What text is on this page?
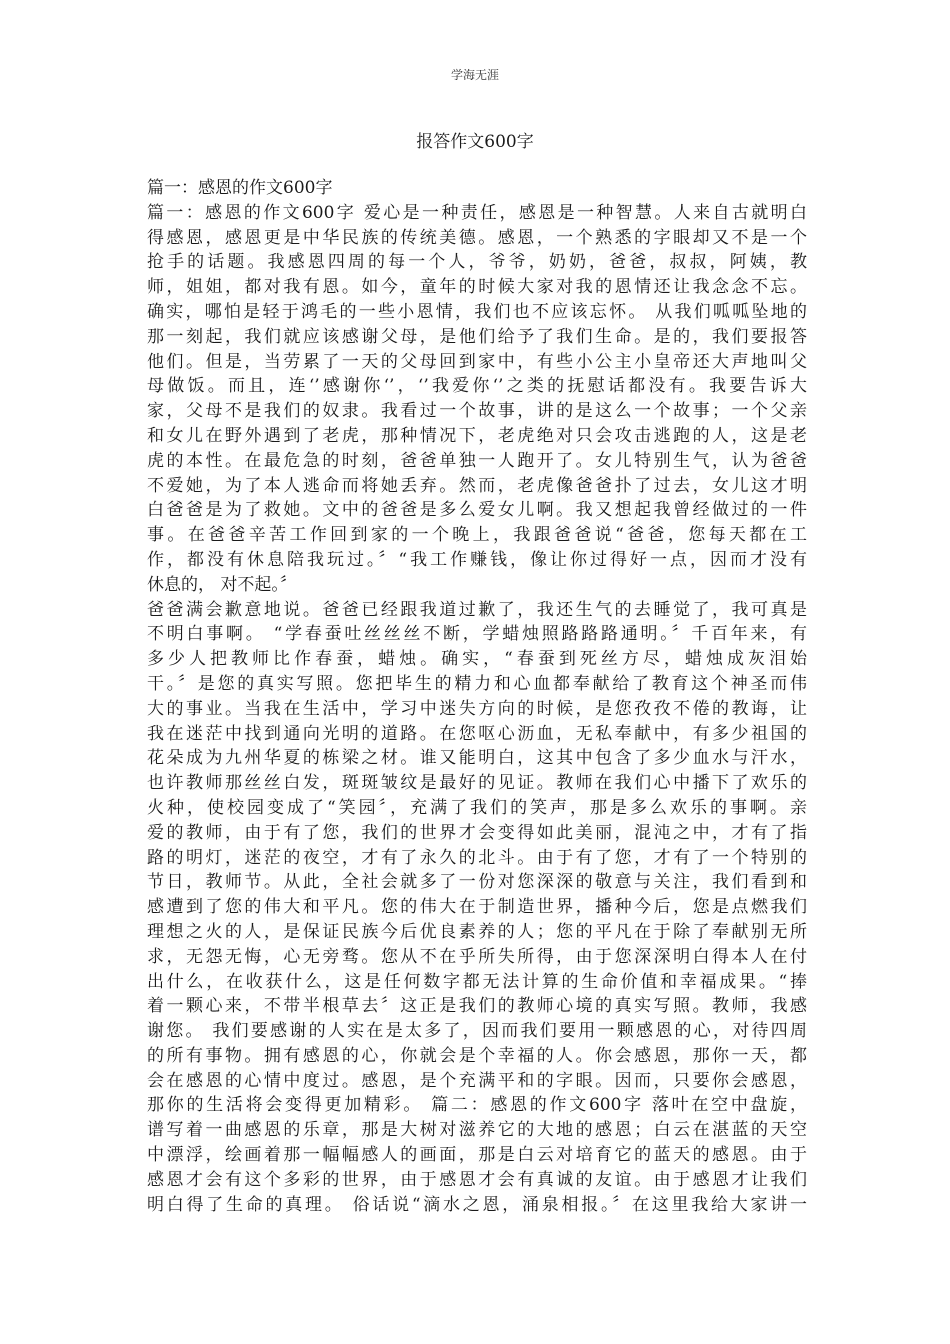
学海无涯
报答作文600字
篇一：感恩的作文600字
篇一：感恩的作文600字 爱心是一种责任，感恩是一种智慧。人来自古就明白
得感恩，感恩更是中华民族的传统美德。感恩，一个熟悉的字眼却又不是一个
抢手的话题。我感恩四周的每一个人，爷爷，奶奶，爸爸，叔叔，阿姨，教
师，姐姐，都对我有恩。如今，童年的时候大家对我的恩情还让我念念不忘。
确实，哪怕是轻于鸿毛的一些小恩情，我们也不应该忘怀。 从我们呱呱坠地的
那一刻起，我们就应该感谢父母，是他们给予了我们生命。是的，我们要报答
他们。但是，当劳累了一天的父母回到家中，有些小公主小皇帝还大声地叫父
母做饭。而且，连‘’感谢你‘’，‘’我爱你‘’之类的抚慰话都没有。我要告诉大
家，父母不是我们的奴隶。我看过一个故事，讲的是这么一个故事；一个父亲
和女儿在野外遇到了老虎，那种情况下，老虎绝对只会攻击逃跑的人，这是老
虎的本性。在最危急的时刻，爸爸单独一人跑开了。女儿特别生气，认为爸爸
不爱她，为了本人逃命而将她丢弃。然而，老虎像爸爸扑了过去，女儿这才明
白爸爸是为了救她。文中的爸爸是多么爱女儿啊。我又想起我曾经做过的一件
事。在爸爸辛苦工作回到家的一个晚上，我跟爸爸说“爸爸，您每天都在工
作，都没有休息陪我玩过。〞“我工作赚钱，像让你过得好一点，因而才没有
休息的， 对不起。〞
爸爸满会歉意地说。爸爸已经跟我道过歉了，我还生气的去睡觉了，我可真是
不明白事啊。 “学春蚕吐丝丝丝不断，学蜡烛照路路路通明。〞千百年来，有
多少人把教师比作春蚕，蜡烛。确实，“春蚕到死丝方尽，蜡烛成灰泪始
干。〞是您的真实写照。您把毕生的精力和心血都奉献给了教育这个神圣而伟
大的事业。当我在生活中，学习中迷失方向的时候，是您孜孜不倦的教诲，让
我在迷茫中找到通向光明的道路。在您呕心沥血，无私奉献中，有多少祖国的
花朵成为九州华夏的栋梁之材。谁又能明白，这其中包含了多少血水与汗水，
也许教师那丝丝白发，斑斑皱纹是最好的见证。教师在我们心中播下了欢乐的
火种，使校园变成了“笑园〞，充满了我们的笑声，那是多么欢乐的事啊。亲
爱的教师，由于有了您，我们的世界才会变得如此美丽，混沌之中，才有了指
路的明灯，迷茫的夜空，才有了永久的北斗。由于有了您，才有了一个特别的
节日，教师节。从此，全社会就多了一份对您深深的敬意与关注，我们看到和
感遭到了您的伟大和平凡。您的伟大在于制造世界，播种今后，您是点燃我们
理想之火的人，是保证民族今后优良素养的人；您的平凡在于除了奉献别无所
求，无怨无悔，心无旁骛。您从不在乎所失所得，由于您深深明白得本人在付
出什么，在收获什么，这是任何数字都无法计算的生命价值和幸福成果。“捧
着一颗心来，不带半根草去〞这正是我们的教师心境的真实写照。教师，我感
谢您。 我们要感谢的人实在是太多了，因而我们要用一颗感恩的心，对待四周
的所有事物。拥有感恩的心，你就会是个幸福的人。你会感恩，那你一天，都
会在感恩的心情中度过。感恩，是个充满平和的字眼。因而，只要你会感恩，
那你的生活将会变得更加精彩。 篇二：感恩的作文600字 落叶在空中盘旋，
谱写着一曲感恩的乐章，那是大树对滋养它的大地的感恩；白云在湛蓝的天空
中漂浮，绘画着那一幅幅感人的画面，那是白云对培育它的蓝天的感恩。由于
感恩才会有这个多彩的世界，由于感恩才会有真诚的友谊。由于感恩才让我们
明白得了生命的真理。 俗话说“滴水之恩，涌泉相报。〞在这里我给大家讲一
